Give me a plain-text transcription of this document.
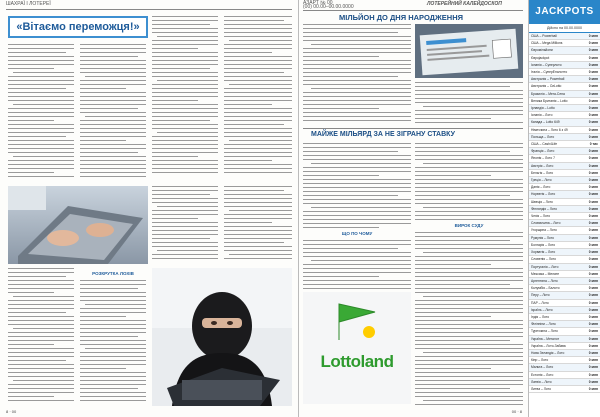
ШАХРАЇ І ЛОТЕРЕЇ
«Вітаємо переможця!»
РОЗКРУТКА ЛОХІВ
8 · 00
АЗАРТ № 00
(00) 00.00–00.00.0000	ЛОТЕРЕЙНИЙ КАЛЕЙДОСКОП
МІЛЬЙОН ДО ДНЯ НАРОДЖЕННЯ
МАЙЖЕ МІЛЬЯРД ЗА НЕ ЗІГРАНУ СТАВКУ
ЩО ПО ЧОМУ
ВИРОК СУДУ
Lottoland
00 · 8
JACKPOTS
Дійсно на 00.00.0000
США – Powerball	0 млн
США – Mega Millions	0 млн
Євромільйони	0 млн
Єврojackpot	0 млн
Іспанія – Суперлото	0 млн
Італія – СуперЕналотто	0 млн
Австралія – Powerball	0 млн
Австралія – OzLotto	0 млн
Бразилія – Мега-Сена	0 млн
Велика Британія – Lotto	0 млн
Ірландія – Lotto	0 млн
Іспанія – Лото	0 млн
Канада – Lotto 649	0 млн
Німеччина – Лото 6 з 49	0 млн
Польща – Лото	0 млн
США – Cash4Life	0 тис
Франція – Лото	0 млн
Японія – Лото 7	0 млн
Австрія – Лото	0 млн
Бельгія – Лото	0 млн
Греція – Лото	0 млн
Данія – Лото	0 млн
Норвегія – Лото	0 млн
Швеція – Лото	0 млн
Фінляндія – Лото	0 млн
Чехія – Лото	0 млн
Словаччина – Лото	0 млн
Угорщина – Лото	0 млн
Румунія – Лото	0 млн
Болгарія – Лото	0 млн
Хорватія – Лото	0 млн
Словенія – Лото	0 млн
Португалія – Лото	0 млн
Мексика – Мелате	0 млн
Аргентина – Лото	0 млн
Колумбія – Балото	0 млн
Перу – Лото	0 млн
ПАР – Лото	0 млн
Ізраїль – Лото	0 млн
Індія – Лото	0 млн
Філіппіни – Лото	0 млн
Туреччина – Лото	0 млн
Україна – Мегалот	0 млн
Україна – Лото-Забава	0 млн
Нова Зеландія – Лото	0 млн
Кіпр – Лото	0 млн
Мальта – Лото	0 млн
Естонія – Лото	0 млн
Латвія – Лото	0 млн
Литва – Лото	0 млн
